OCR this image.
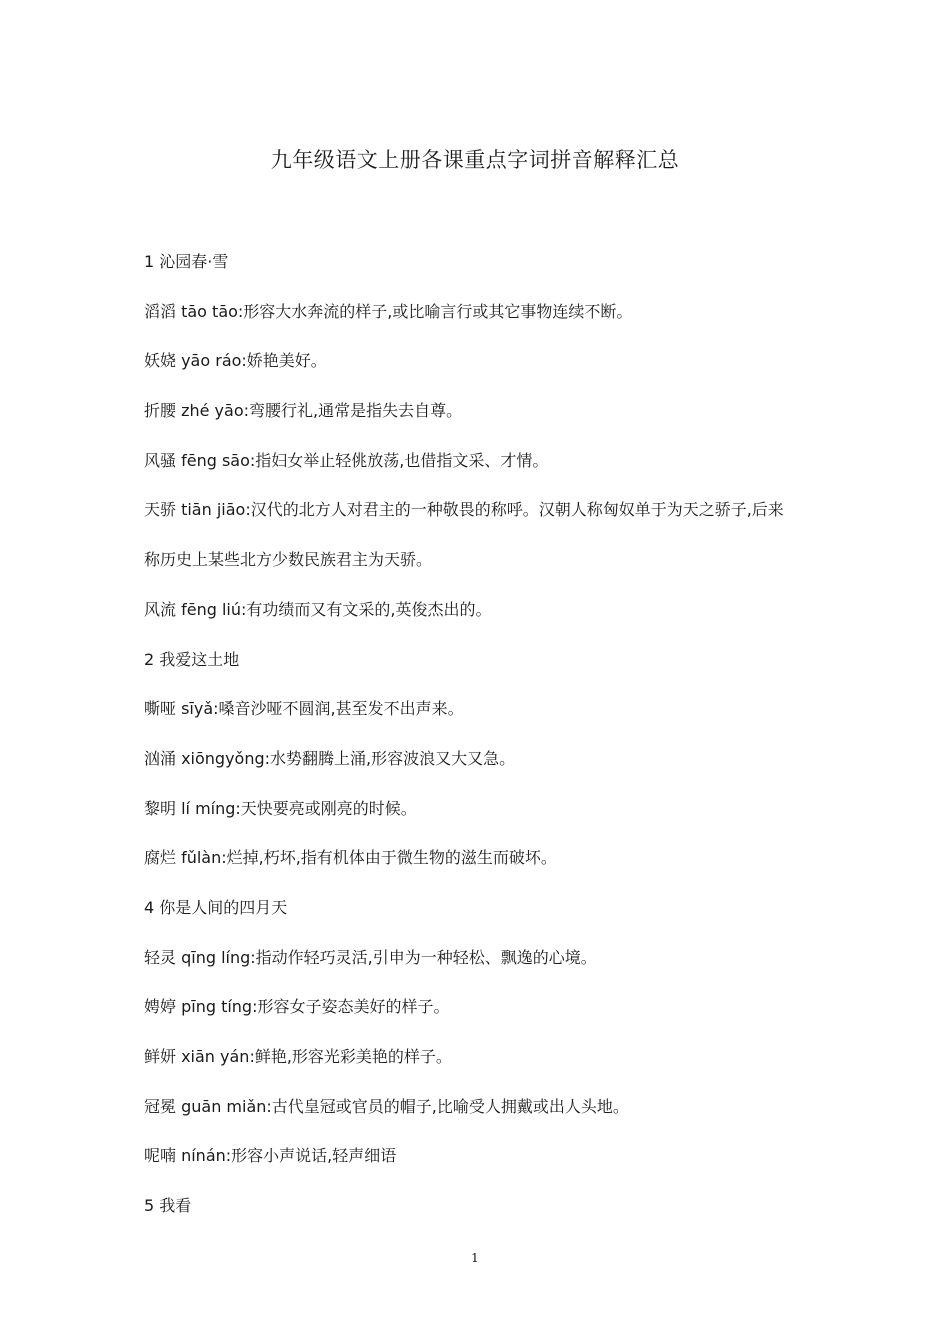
九年级语文上册各课重点字词拼音解释汇总
1 沁园春·雪
滔滔 tāo tāo:形容大水奔流的样子,或比喻言行或其它事物连续不断。
妖娆 yāo ráo:娇艳美好。
折腰 zhé yāo:弯腰行礼,通常是指失去自尊。
风骚 fēng sāo:指妇女举止轻佻放荡,也借指文采、才情。
天骄 tiān jiāo:汉代的北方人对君主的一种敬畏的称呼。汉朝人称匈奴单于为天之骄子,后来
称历史上某些北方少数民族君主为天骄。
风流 fēng liú:有功绩而又有文采的,英俊杰出的。
2 我爱这土地
嘶哑 sīyǎ:嗓音沙哑不圆润,甚至发不出声来。
汹涌 xiōngyǒng:水势翻腾上涌,形容波浪又大又急。
黎明 lí míng:天快要亮或刚亮的时候。
腐烂 fǔlàn:烂掉,朽坏,指有机体由于微生物的滋生而破坏。
4 你是人间的四月天
轻灵 qīng líng:指动作轻巧灵活,引申为一种轻松、飘逸的心境。
娉婷 pīng tíng:形容女子姿态美好的样子。
鲜妍 xiān yán:鲜艳,形容光彩美艳的样子。
冠冕 guān miǎn:古代皇冠或官员的帽子,比喻受人拥戴或出人头地。
呢喃 nínán:形容小声说话,轻声细语
5 我看
1
